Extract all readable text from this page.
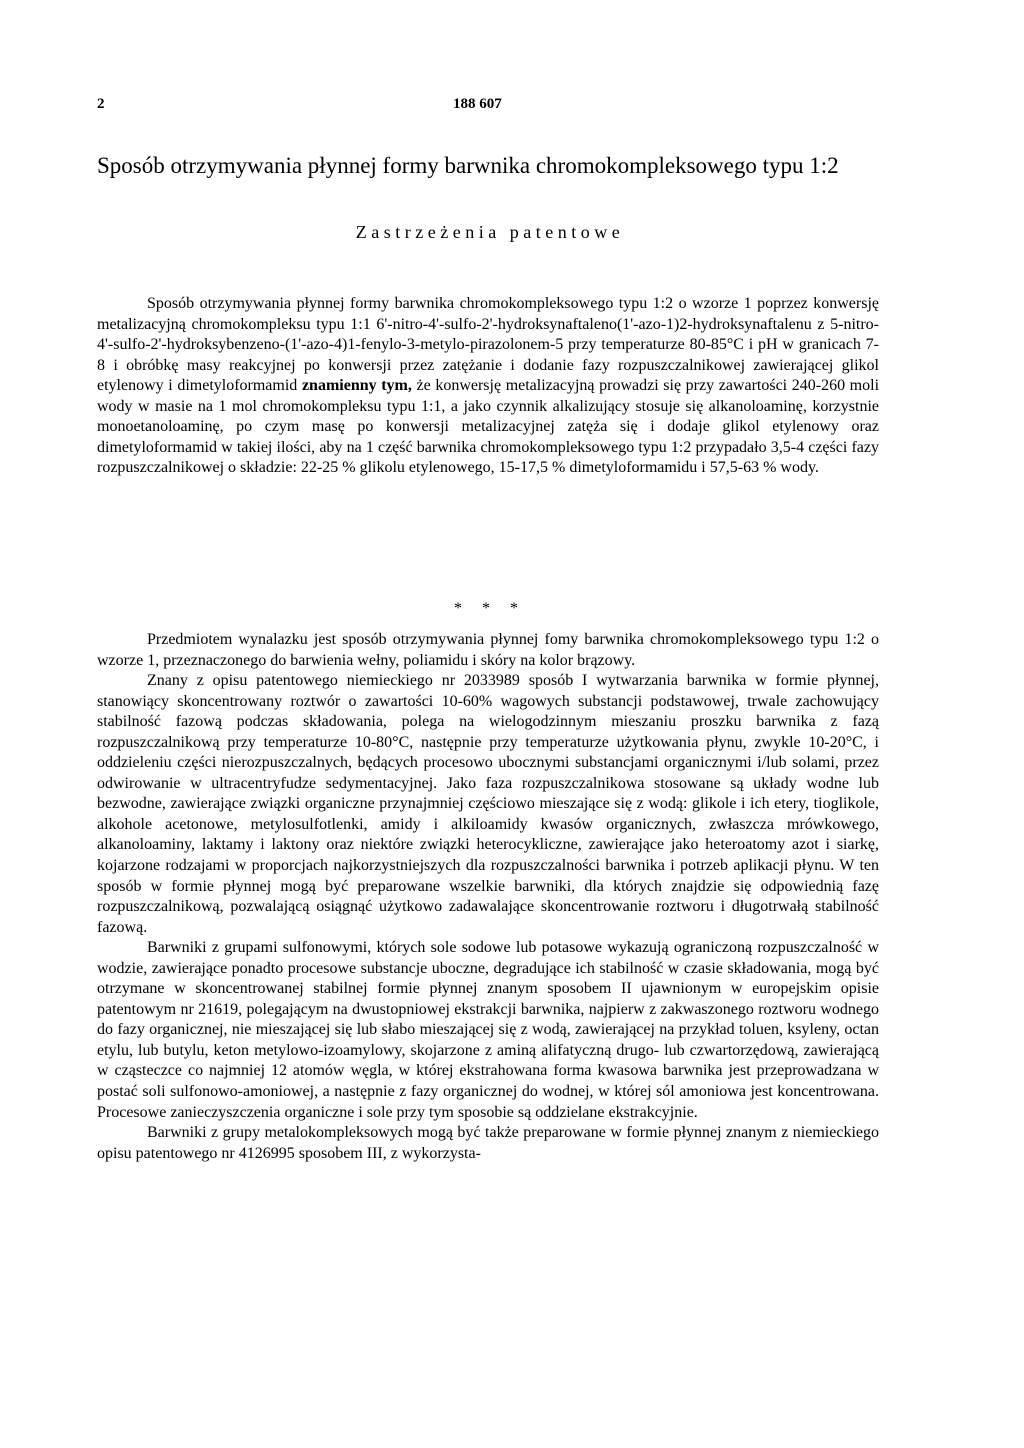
2	188 607
Sposób otrzymywania płynnej formy barwnika chromokompleksowego typu 1:2
Zastrzeżenia patentowe

Sposób otrzymywania płynnej formy barwnika chromokompleksowego typu 1:2 o wzorze 1 poprzez konwersję metalizacyjną chromokompleksu typu 1:1 6'-nitro-4'-sulfo-2'-hydroksynaftaleno(1'-azo-1)2-hydroksynaftalenu z 5-nitro-4'-sulfo-2'-hydroksybenzeno-(1'-azo-4)1-fenylo-3-metylo-pirazolonem-5 przy temperaturze 80-85°C i pH w granicach 7-8 i obróbkę masy reakcyjnej po konwersji przez zatężanie i dodanie fazy rozpuszczalnikowej zawierającej glikol etylenowy i dimetyloformamid znamienny tym, że konwersję metalizacyjną prowadzi się przy zawartości 240-260 moli wody w masie na 1 mol chromokompleksu typu 1:1, a jako czynnik alkalizujący stosuje się alkanoloaminę, korzystnie monoetanoloaminę, po czym masę po konwersji metalizacyjnej zatęża się i dodaje glikol etylenowy oraz dimetyloformamid w takiej ilości, aby na 1 część barwnika chromokompleksowego typu 1:2 przypadało 3,5-4 części fazy rozpuszczalnikowej o składzie: 22-25 % glikolu etylenowego, 15-17,5 % dimetyloformamidu i 57,5-63 % wody.

* * *

Przedmiotem wynalazku jest sposób otrzymywania płynnej fomy barwnika chromokompleksowego typu 1:2 o wzorze 1, przeznaczonego do barwienia wełny, poliamidu i skóry na kolor brązowy.

Znany z opisu patentowego niemieckiego nr 2033989 sposób I wytwarzania barwnika w formie płynnej, stanowiący skoncentrowany roztwór o zawartości 10-60% wagowych substancji podstawowej, trwale zachowujący stabilność fazową podczas składowania, polega na wielogodzinnym mieszaniu proszku barwnika z fazą rozpuszczalnikową przy temperaturze 10-80°C, następnie przy temperaturze użytkowania płynu, zwykle 10-20°C, i oddzieleniu części nierozpuszczalnych, będących procesowo ubocznymi substancjami organicznymi i/lub solami, przez odwirowanie w ultracentryfudze sedymentacyjnej. Jako faza rozpuszczalnikowa stosowane są układy wodne lub bezwodne, zawierające związki organiczne przynajmniej częściowo mieszające się z wodą: glikole i ich etery, tioglikole, alkohole acetonowe, metylosulfotlenki, amidy i alkiloamidy kwasów organicznych, zwłaszcza mrówkowego, alkanoloaminy, laktamy i laktony oraz niektóre związki heterocykliczne, zawierające jako heteroatomy azot i siarkę, kojarzone rodzajami w proporcjach najkorzystniejszych dla rozpuszczalności barwnika i potrzeb aplikacji płynu. W ten sposób w formie płynnej mogą być preparowane wszelkie barwniki, dla których znajdzie się odpowiednią fazę rozpuszczalnikową, pozwalającą osiągnąć użytkowo zadawalające skoncentrowanie roztworu i długotrwałą stabilność fazową.

Barwniki z grupami sulfonowymi, których sole sodowe lub potasowe wykazują ograniczoną rozpuszczalność w wodzie, zawierające ponadto procesowe substancje uboczne, degradujące ich stabilność w czasie składowania, mogą być otrzymane w skoncentrowanej stabilnej formie płynnej znanym sposobem II ujawnionym w europejskim opisie patentowym nr 21619, polegającym na dwustopniowej ekstrakcji barwnika, najpierw z zakwaszonego roztworu wodnego do fazy organicznej, nie mieszającej się lub słabo mieszającej się z wodą, zawierającej na przykład toluen, ksyleny, octan etylu, lub butylu, keton metylowo-izoamylowy, skojarzone z aminą alifatyczną drugo- lub czwartorzędową, zawierającą w cząsteczce co najmniej 12 atomów węgla, w której ekstrahowana forma kwasowa barwnika jest przeprowadzana w postać soli sulfonowo-amoniowej, a następnie z fazy organicznej do wodnej, w której sól amoniowa jest koncentrowana. Procesowe zanieczyszczenia organiczne i sole przy tym sposobie są oddzielane ekstrakcyjnie.

Barwniki z grupy metalokompleksowych mogą być także preparowane w formie płynnej znanym z niemieckiego opisu patentowego nr 4126995 sposobem III, z wykorzysta-
